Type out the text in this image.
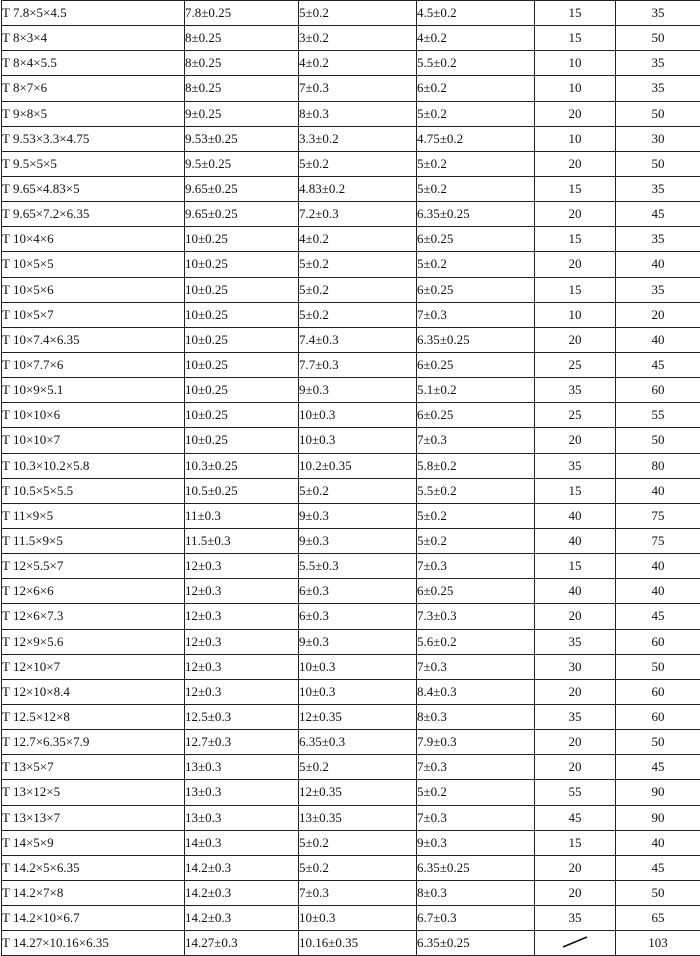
T 7.8×5×4.5	7.8±0.25	5±0.2	4.5±0.2	15	35
T 8×3×4	8±0.25	3±0.2	4±0.2	15	50
T 8×4×5.5	8±0.25	4±0.2	5.5±0.2	10	35
T 8×7×6	8±0.25	7±0.3	6±0.2	10	35
T 9×8×5	9±0.25	8±0.3	5±0.2	20	50
T 9.53×3.3×4.75	9.53±0.25	3.3±0.2	4.75±0.2	10	30
T 9.5×5×5	9.5±0.25	5±0.2	5±0.2	20	50
T 9.65×4.83×5	9.65±0.25	4.83±0.2	5±0.2	15	35
T 9.65×7.2×6.35	9.65±0.25	7.2±0.3	6.35±0.25	20	45
T 10×4×6	10±0.25	4±0.2	6±0.25	15	35
T 10×5×5	10±0.25	5±0.2	5±0.2	20	40
T 10×5×6	10±0.25	5±0.2	6±0.25	15	35
T 10×5×7	10±0.25	5±0.2	7±0.3	10	20
T 10×7.4×6.35	10±0.25	7.4±0.3	6.35±0.25	20	40
T 10×7.7×6	10±0.25	7.7±0.3	6±0.25	25	45
T 10×9×5.1	10±0.25	9±0.3	5.1±0.2	35	60
T 10×10×6	10±0.25	10±0.3	6±0.25	25	55
T 10×10×7	10±0.25	10±0.3	7±0.3	20	50
T 10.3×10.2×5.8	10.3±0.25	10.2±0.35	5.8±0.2	35	80
T 10.5×5×5.5	10.5±0.25	5±0.2	5.5±0.2	15	40
T 11×9×5	11±0.3	9±0.3	5±0.2	40	75
T 11.5×9×5	11.5±0.3	9±0.3	5±0.2	40	75
T 12×5.5×7	12±0.3	5.5±0.3	7±0.3	15	40
T 12×6×6	12±0.3	6±0.3	6±0.25	40	40
T 12×6×7.3	12±0.3	6±0.3	7.3±0.3	20	45
T 12×9×5.6	12±0.3	9±0.3	5.6±0.2	35	60
T 12×10×7	12±0.3	10±0.3	7±0.3	30	50
T 12×10×8.4	12±0.3	10±0.3	8.4±0.3	20	60
T 12.5×12×8	12.5±0.3	12±0.35	8±0.3	35	60
T 12.7×6.35×7.9	12.7±0.3	6.35±0.3	7.9±0.3	20	50
T 13×5×7	13±0.3	5±0.2	7±0.3	20	45
T 13×12×5	13±0.3	12±0.35	5±0.2	55	90
T 13×13×7	13±0.3	13±0.35	7±0.3	45	90
T 14×5×9	14±0.3	5±0.2	9±0.3	15	40
T 14.2×5×6.35	14.2±0.3	5±0.2	6.35±0.25	20	45
T 14.2×7×8	14.2±0.3	7±0.3	8±0.3	20	50
T 14.2×10×6.7	14.2±0.3	10±0.3	6.7±0.3	35	65
T 14.27×10.16×6.35	14.27±0.3	10.16±0.35	6.35±0.25		103
